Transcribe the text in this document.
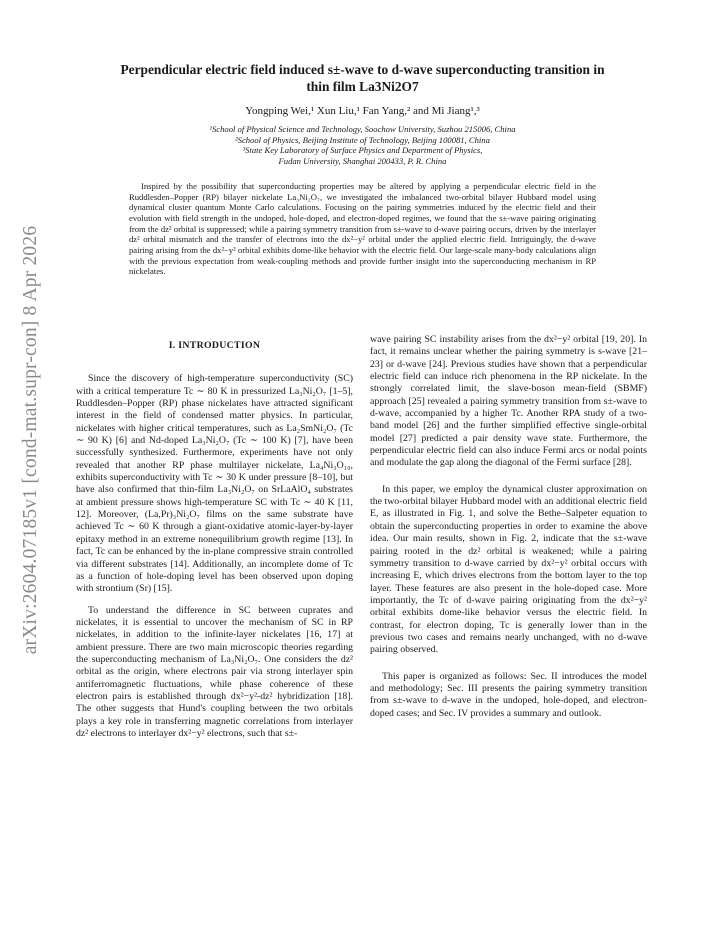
arXiv:2604.07185v1 [cond-mat.supr-con] 8 Apr 2026
Perpendicular electric field induced s±-wave to d-wave superconducting transition in
thin film La3Ni2O7
Yongping Wei,¹ Xun Liu,¹ Fan Yang,² and Mi Jiang¹,³
¹School of Physical Science and Technology, Soochow University, Suzhou 215006, China
²School of Physics, Beijing Institute of Technology, Beijing 100081, China
³State Key Laboratory of Surface Physics and Department of Physics,
Fudan University, Shanghai 200433, P. R. China

Inspired by the possibility that superconducting properties may be altered by applying a perpendicular electric field in the Ruddlesden–Popper (RP) bilayer nickelate La₃Ni₂O₇, we investigated the imbalanced two-orbital bilayer Hubbard model using dynamical cluster quantum Monte Carlo calculations. Focusing on the pairing symmetries induced by the electric field and their evolution with field strength in the undoped, hole-doped, and electron-doped regimes, we found that the s±-wave pairing originating from the dz² orbital is suppressed; while a pairing symmetry transition from s±-wave to d-wave pairing occurs, driven by the interlayer dz² orbital mismatch and the transfer of electrons into the dx²−y² orbital under the applied electric field. Intriguingly, the d-wave pairing arising from the dx²−y² orbital exhibits dome-like behavior with the electric field. Our large-scale many-body calculations align with the previous expectation from weak-coupling methods and provide further insight into the superconducting mechanism in RP nickelates.

I. INTRODUCTION

Since the discovery of high-temperature superconductivity (SC) with a critical temperature Tc ∼ 80 K in pressurized La₃Ni₂O₇ [1–5], Ruddlesden–Popper (RP) phase nickelates have attracted significant interest in the field of condensed matter physics. In particular, nickelates with higher critical temperatures, such as La₂SmNi₂O₇ (Tc ∼ 90 K) [6] and Nd-doped La₃Ni₂O₇ (Tc ∼ 100 K) [7], have been successfully synthesized. Furthermore, experiments have not only revealed that another RP phase multilayer nickelate, La₄Ni₃O₁₀, exhibits superconductivity with Tc ∼ 30 K under pressure [8–10], but have also confirmed that thin-film La₃Ni₂O₇ on SrLaAlO₄ substrates at ambient pressure shows high-temperature SC with Tc ∼ 40 K [11, 12]. Moreover, (La,Pr)₃Ni₂O₇ films on the same substrate have achieved Tc ∼ 60 K through a giant-oxidative atomic-layer-by-layer epitaxy method in an extreme nonequilibrium growth regime [13]. In fact, Tc can be enhanced by the in-plane compressive strain controlled via different substrates [14]. Additionally, an incomplete dome of Tc as a function of hole-doping level has been observed upon doping with strontium (Sr) [15].

To understand the difference in SC between cuprates and nickelates, it is essential to uncover the mechanism of SC in RP nickelates, in addition to the infinite-layer nickelates [16, 17] at ambient pressure. There are two main microscopic theories regarding the superconducting mechanism of La₃Ni₂O₇. One considers the dz² orbital as the origin, where electrons pair via strong interlayer spin antiferromagnetic fluctuations, while phase coherence of these electron pairs is established through dx²−y²-dz² hybridization [18]. The other suggests that Hund's coupling between the two orbitals plays a key role in transferring magnetic correlations from interlayer dz² electrons to interlayer dx²−y² electrons, such that s±-

wave pairing SC instability arises from the dx²−y² orbital [19, 20]. In fact, it remains unclear whether the pairing symmetry is s-wave [21–23] or d-wave [24]. Previous studies have shown that a perpendicular electric field can induce rich phenomena in the RP nickelate. In the strongly correlated limit, the slave-boson mean-field (SBMF) approach [25] revealed a pairing symmetry transition from s±-wave to d-wave, accompanied by a higher Tc. Another RPA study of a two-band model [26] and the further simplified effective single-orbital model [27] predicted a pair density wave state. Furthermore, the perpendicular electric field can also induce Fermi arcs or nodal points and modulate the gap along the diagonal of the Fermi surface [28].

In this paper, we employ the dynamical cluster approximation on the two-orbital bilayer Hubbard model with an additional electric field E, as illustrated in Fig. 1, and solve the Bethe–Salpeter equation to obtain the superconducting properties in order to examine the above idea. Our main results, shown in Fig. 2, indicate that the s±-wave pairing rooted in the dz² orbital is weakened; while a pairing symmetry transition to d-wave carried by dx²−y² orbital occurs with increasing E, which drives electrons from the bottom layer to the top layer. These features are also present in the hole-doped case. More importantly, the Tc of d-wave pairing originating from the dx²−y² orbital exhibits dome-like behavior versus the electric field. In contrast, for electron doping, Tc is generally lower than in the previous two cases and remains nearly unchanged, with no d-wave pairing observed.

This paper is organized as follows: Sec. II introduces the model and methodology; Sec. III presents the pairing symmetry transition from s±-wave to d-wave in the undoped, hole-doped, and electron-doped cases; and Sec. IV provides a summary and outlook.
